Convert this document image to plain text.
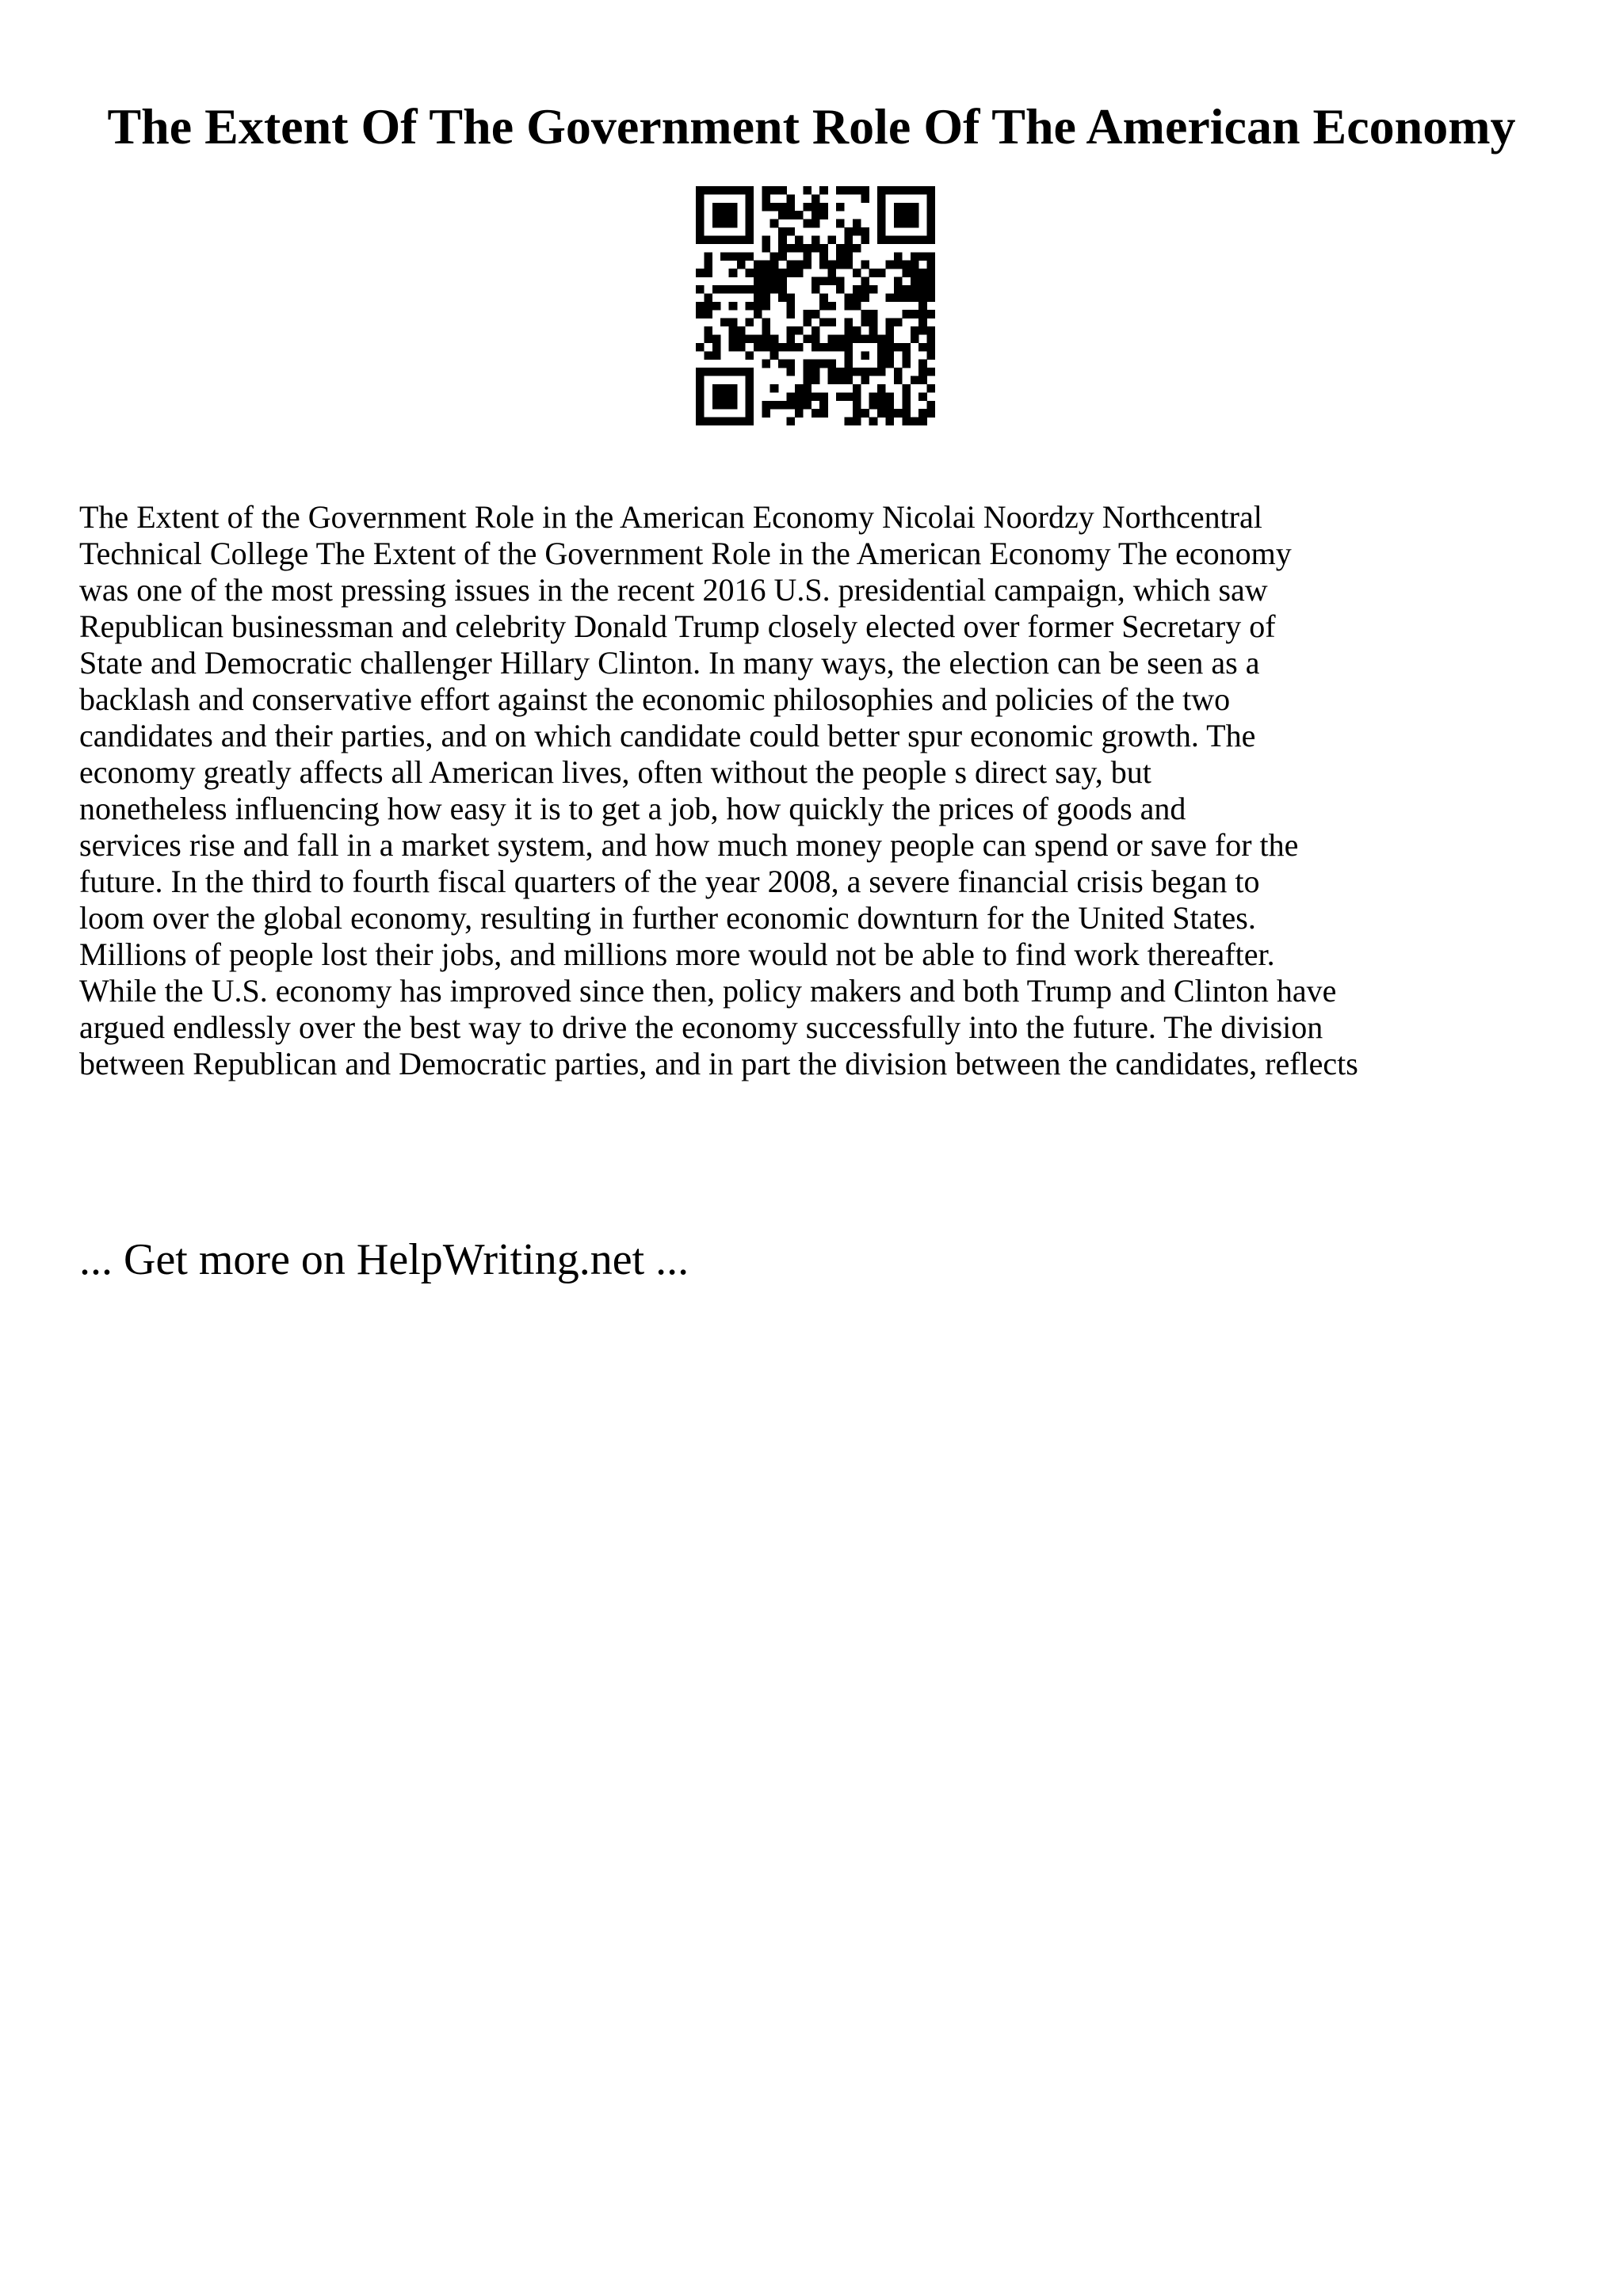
The Extent Of The Government Role Of The American Economy
The Extent of the Government Role in the American Economy Nicolai Noordzy Northcentral
Technical College The Extent of the Government Role in the American Economy The economy
was one of the most pressing issues in the recent 2016 U.S. presidential campaign, which saw
Republican businessman and celebrity Donald Trump closely elected over former Secretary of
State and Democratic challenger Hillary Clinton. In many ways, the election can be seen as a
backlash and conservative effort against the economic philosophies and policies of the two
candidates and their parties, and on which candidate could better spur economic growth. The
economy greatly affects all American lives, often without the people s direct say, but
nonetheless influencing how easy it is to get a job, how quickly the prices of goods and
services rise and fall in a market system, and how much money people can spend or save for the
future. In the third to fourth fiscal quarters of the year 2008, a severe financial crisis began to
loom over the global economy, resulting in further economic downturn for the United States.
Millions of people lost their jobs, and millions more would not be able to find work thereafter.
While the U.S. economy has improved since then, policy makers and both Trump and Clinton have
argued endlessly over the best way to drive the economy successfully into the future. The division
between Republican and Democratic parties, and in part the division between the candidates, reflects

... Get more on HelpWriting.net ...
